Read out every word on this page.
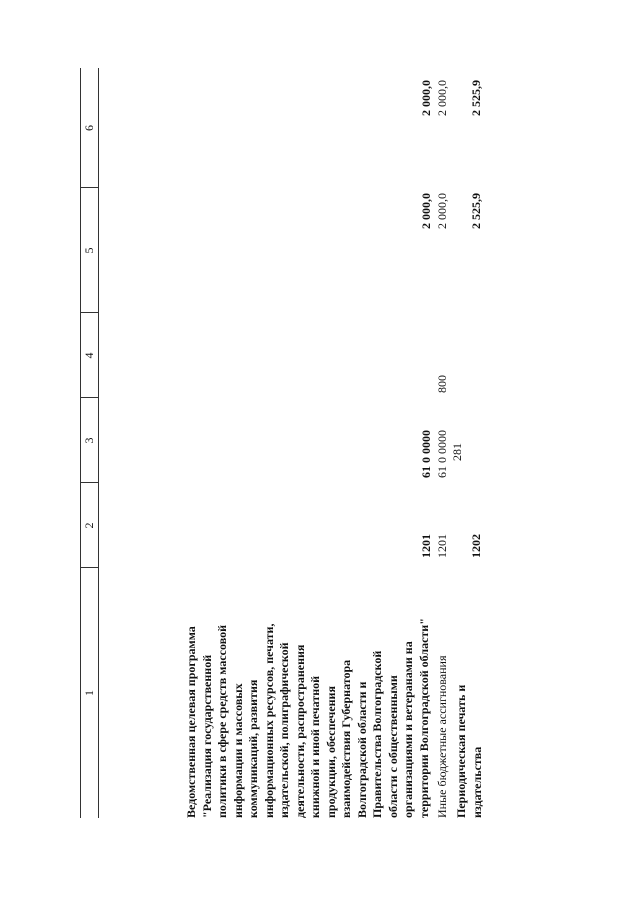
281
1
2
3
4
5
6
Ведомственная целевая программа
"Реализация государственной
политики в сфере средств массовой
информации и массовых
коммуникаций, развития
информационных ресурсов, печати,
издательской, полиграфической
деятельности, распространения
книжной и иной печатной
продукции, обеспечения
взаимодействия Губернатора
Волгоградской области и
Правительства Волгоградской
области с общественными
организациями и ветеранами на
территории Волгоградской области"
1201
61 0 0000
2 000,0
2 000,0
Иные бюджетные ассигнования
1201
61 0 0000
800
2 000,0
2 000,0
Периодическая печать и
издательства
1202
2 525,9
2 525,9
